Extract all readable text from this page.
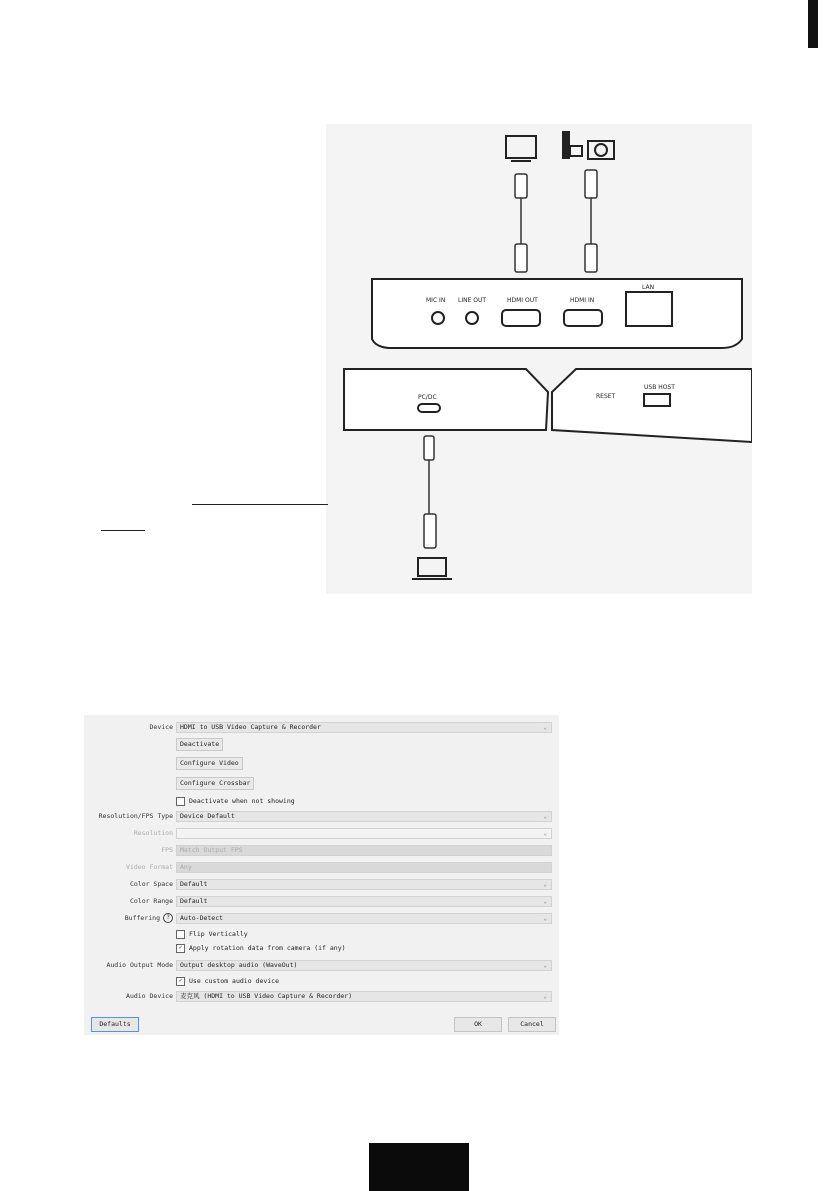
MIC IN LINE OUT	HDMI OUT	HDMI IN
LAN
PC/DC	RESET
USB HOST
Device	HDMI to USB Video Capture & Recorder	⌄
Deactivate
Configure Video
Configure Crossbar
Deactivate when not showing
Resolution/FPS Type	Device Default	⌄
Resolution	⌄
FPS	Match Output FPS
Video Format	Any
Color Space	Default	⌄
Color Range	Default	⌄
Buffering ?	Auto-Detect	⌄
Flip Vertically
✓ Apply rotation data from camera (if any)
Audio Output Mode	Output desktop audio (WaveOut)	⌄
✓ Use custom audio device
Audio Device	麦克风 (HDMI to USB Video Capture & Recorder)	⌄
Defaults	OK	Cancel
